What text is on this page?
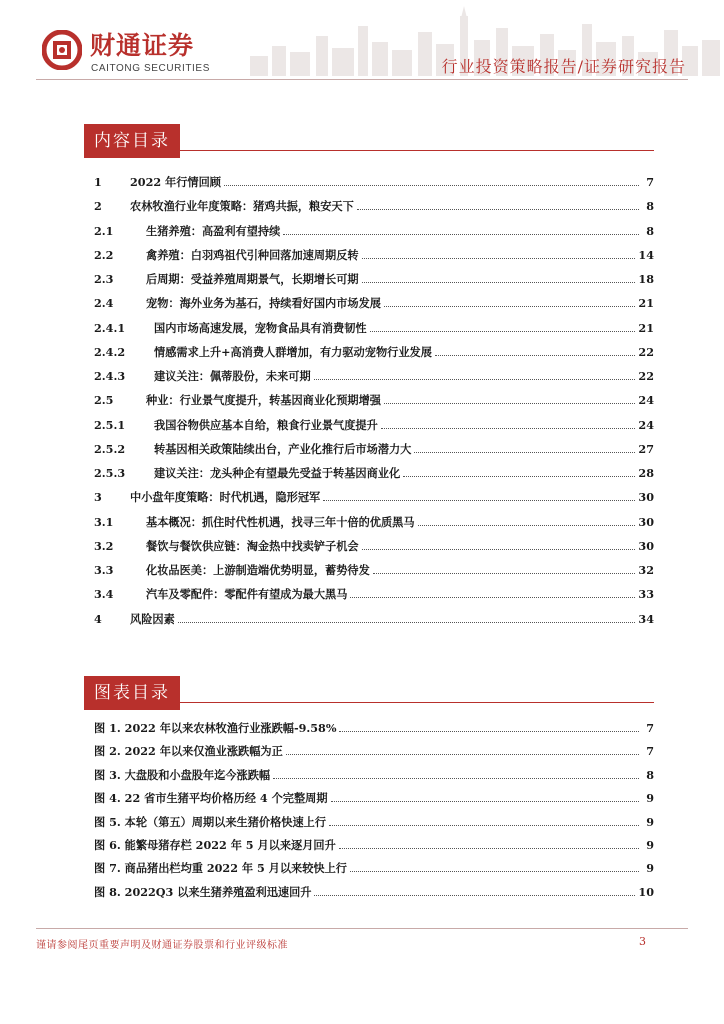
财通证券
CAITONG SECURITIES	行业投资策略报告/证券研究报告
内容目录
1	2022 年行情回顾	7
2	农林牧渔行业年度策略：猪鸡共振，粮安天下	8
2.1	生猪养殖：高盈利有望持续	8
2.2	禽养殖：白羽鸡祖代引种回落加速周期反转	14
2.3	后周期：受益养殖周期景气，长期增长可期	18
2.4	宠物：海外业务为基石，持续看好国内市场发展	21
2.4.1	国内市场高速发展，宠物食品具有消费韧性	21
2.4.2	情感需求上升+高消费人群增加，有力驱动宠物行业发展	22
2.4.3	建议关注：佩蒂股份，未来可期	22
2.5	种业：行业景气度提升，转基因商业化预期增强	24
2.5.1	我国谷物供应基本自给，粮食行业景气度提升	24
2.5.2	转基因相关政策陆续出台，产业化推行后市场潜力大	27
2.5.3	建议关注：龙头种企有望最先受益于转基因商业化	28
3	中小盘年度策略：时代机遇，隐形冠军	30
3.1	基本概况：抓住时代性机遇，找寻三年十倍的优质黑马	30
3.2	餐饮与餐饮供应链：淘金热中找卖铲子机会	30
3.3	化妆品医美：上游制造端优势明显，蓄势待发	32
3.4	汽车及零配件：零配件有望成为最大黑马	33
4	风险因素	34
图表目录
图 1. 2022 年以来农林牧渔行业涨跌幅-9.58%	7
图 2. 2022 年以来仅渔业涨跌幅为正	7
图 3. 大盘股和小盘股年迄今涨跌幅	8
图 4. 22 省市生猪平均价格历经 4 个完整周期	9
图 5. 本轮（第五）周期以来生猪价格快速上行	9
图 6. 能繁母猪存栏 2022 年 5 月以来逐月回升	9
图 7. 商品猪出栏均重 2022 年 5 月以来较快上行	9
图 8. 2022Q3 以来生猪养殖盈利迅速回升	10
谨请参阅尾页重要声明及财通证券股票和行业评级标准	3
